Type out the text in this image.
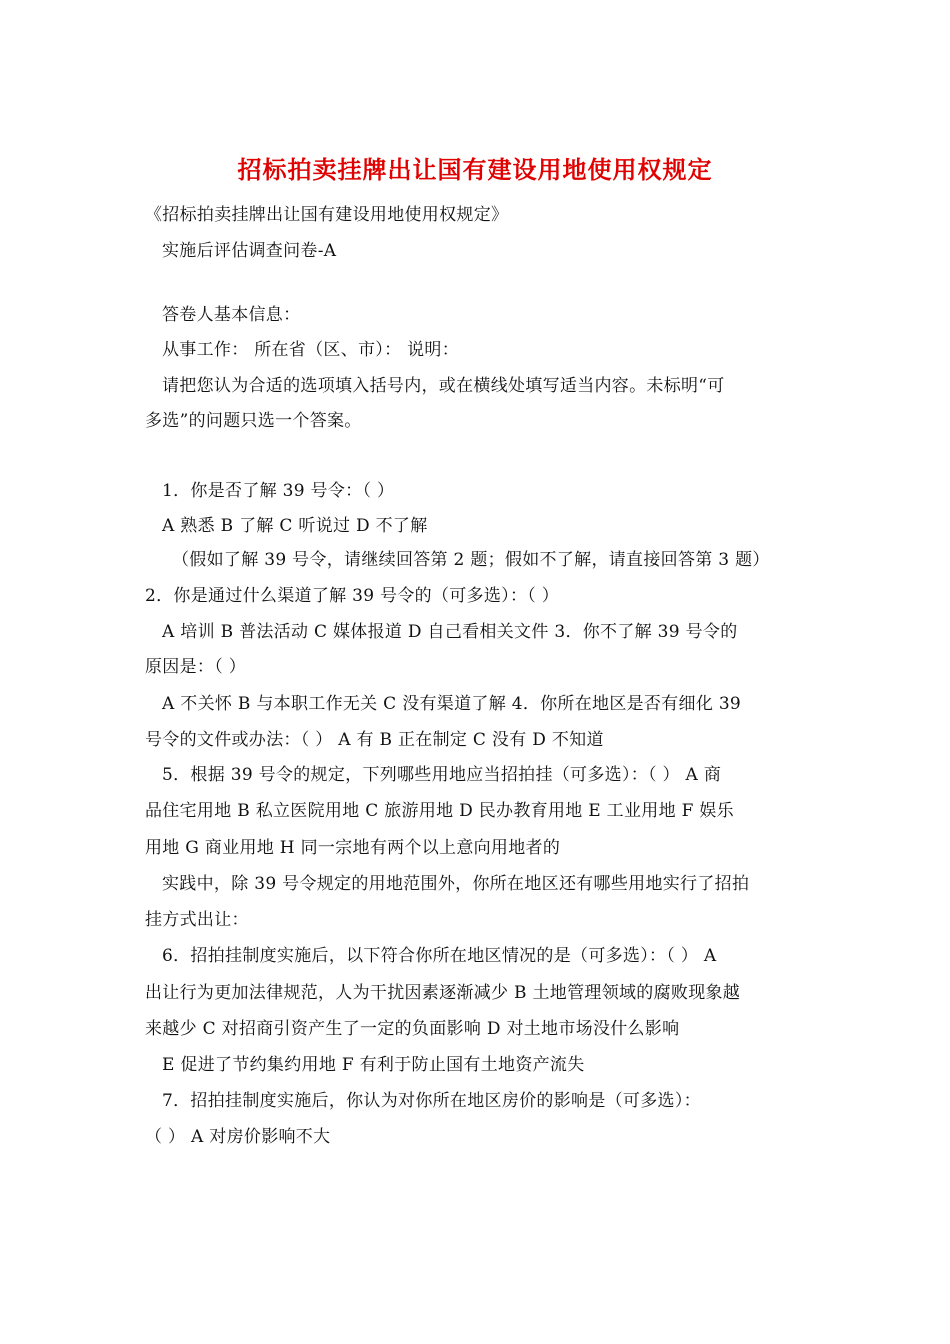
招标拍卖挂牌出让国有建设用地使用权规定
《招标拍卖挂牌出让国有建设用地使用权规定》
实施后评估调查问卷-A
答卷人基本信息：
从事工作： 所在省（区、市）： 说明：
请把您认为合适的选项填入括号内，或在横线处填写适当内容。未标明“可
多选”的问题只选一个答案。
1．你是否了解 39 号令：（ ）
A 熟悉 B 了解 C 听说过 D 不了解
（假如了解 39 号令，请继续回答第 2 题；假如不了解，请直接回答第 3 题）
2．你是通过什么渠道了解 39 号令的（可多选）：（ ）
A 培训 B 普法活动 C 媒体报道 D 自己看相关文件 3．你不了解 39 号令的
原因是：（ ）
A 不关怀 B 与本职工作无关 C 没有渠道了解 4．你所在地区是否有细化 39
号令的文件或办法：（ ） A 有 B 正在制定 C 没有 D 不知道
5．根据 39 号令的规定，下列哪些用地应当招拍挂（可多选）：（ ） A 商
品住宅用地 B 私立医院用地 C 旅游用地 D 民办教育用地 E 工业用地 F 娱乐
用地 G 商业用地 H 同一宗地有两个以上意向用地者的
实践中，除 39 号令规定的用地范围外，你所在地区还有哪些用地实行了招拍
挂方式出让：
6．招拍挂制度实施后，以下符合你所在地区情况的是（可多选）：（ ） A
出让行为更加法律规范，人为干扰因素逐渐减少 B 土地管理领域的腐败现象越
来越少 C 对招商引资产生了一定的负面影响 D 对土地市场没什么影响
E 促进了节约集约用地 F 有利于防止国有土地资产流失
7．招拍挂制度实施后，你认为对你所在地区房价的影响是（可多选）：
（ ） A 对房价影响不大
